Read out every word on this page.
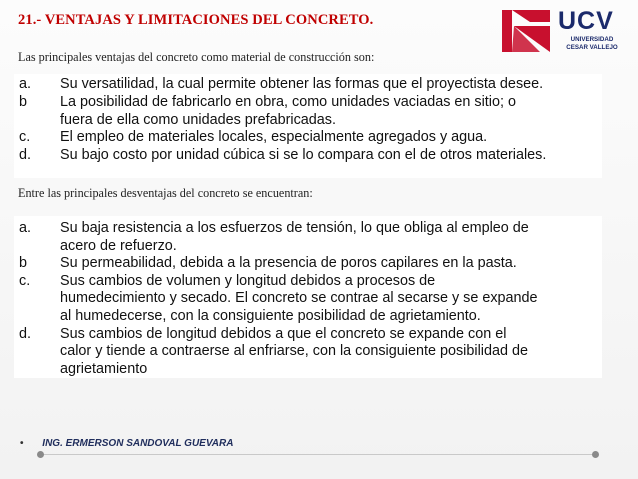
21.- VENTAJAS Y LIMITACIONES DEL CONCRETO.	UCV
UNIVERSIDAD
CESAR VALLEJO
Las principales ventajas del concreto como material de construcción son:
a.	Su versatilidad, la cual permite obtener las formas que el proyectista desee.
b	La posibilidad de fabricarlo en obra, como unidades vaciadas en sitio; o
fuera de ella como unidades prefabricadas.
c.	El empleo de materiales locales, especialmente agregados y agua.
d.	Su bajo costo por unidad cúbica si se lo compara con el de otros materiales.
Entre las principales desventajas del concreto se encuentran:
a.	Su baja resistencia a los esfuerzos de tensión, lo que obliga al empleo de
acero de refuerzo.
b	Su permeabilidad, debida a la presencia de poros capilares en la pasta.
c.	Sus cambios de volumen y longitud debidos a procesos de
humedecimiento y secado. El concreto se contrae al secarse y se expande
al humedecerse, con la consiguiente posibilidad de agrietamiento.
d.	Sus cambios de longitud debidos a que el concreto se expande con el
calor y tiende a contraerse al enfriarse, con la consiguiente posibilidad de
agrietamiento
• ING. ERMERSON SANDOVAL GUEVARA
